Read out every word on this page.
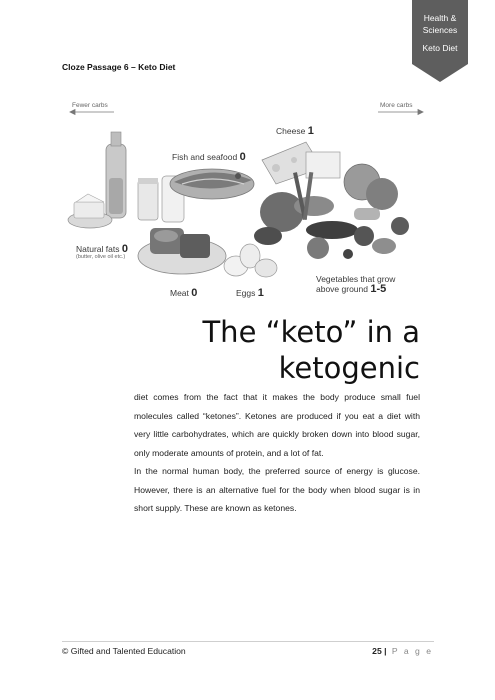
Health & Sciences
Keto Diet
Cloze Passage 6 – Keto Diet
Fewer carbs	More carbs
Cheese 1
Fish and seafood 0
Natural fats 0
(butter, olive oil etc.)
Meat 0	Eggs 1
Vegetables that grow
above ground 1-5
The “keto” in a
ketogenic

diet comes from the fact that it makes the body produce small fuel molecules called “ketones”. Ketones are produced if you eat a diet with very little carbohydrates, which are quickly broken down into blood sugar, only moderate amounts of protein, and a lot of fat.

In the normal human body, the preferred source of energy is glucose. However, there is an alternative fuel for the body when blood sugar is in short supply. These are known as ketones.

© Gifted and Talented Education	25 | P a g e
